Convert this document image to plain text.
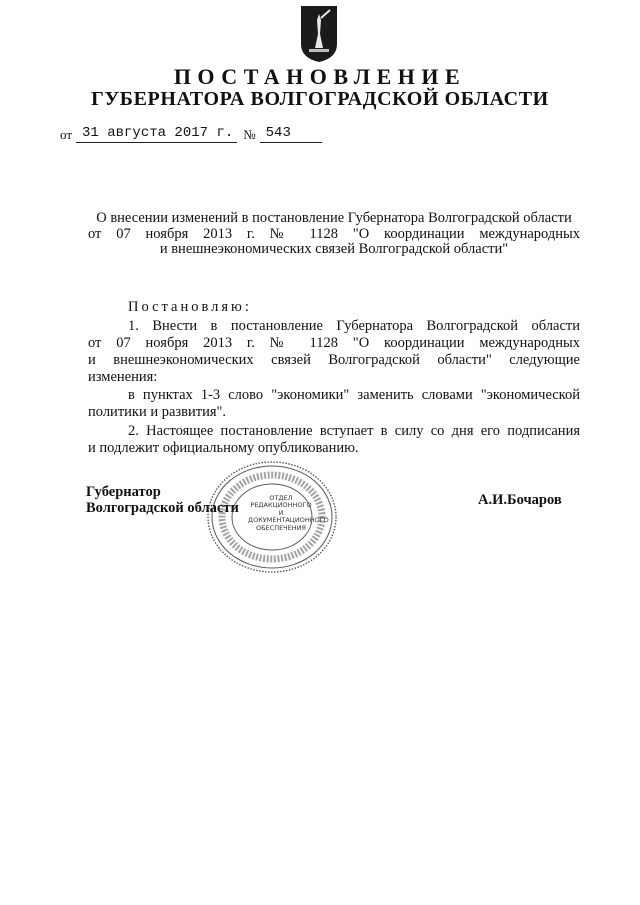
ПОСТАНОВЛЕНИЕ
ГУБЕРНАТОРА ВОЛГОГРАДСКОЙ ОБЛАСТИ
от 31 августа 2017 г. № 543
О внесении изменений в постановление Губернатора Волгоградской области
от 07 ноября 2013 г. № 1128 "О координации международных
и внешнеэкономических связей Волгоградской области"

Постановляю:

1. Внести в постановление Губернатора Волгоградской области
от 07 ноября 2013 г. № 1128 "О координации международных
и внешнеэкономических связей Волгоградской области" следующие
изменения:
в пунктах 1-3 слово "экономики" заменить словами "экономической
политики и развития".
2. Настоящее постановление вступает в силу со дня его подписания
и подлежит официальному опубликованию.
Губернатор
Волгоградской области	А.И.Бочаров
ОТДЕЛ
РЕДАКЦИОННОГО И
ДОКУМЕНТАЦИОННОГО
ОБЕСПЕЧЕНИЯ
